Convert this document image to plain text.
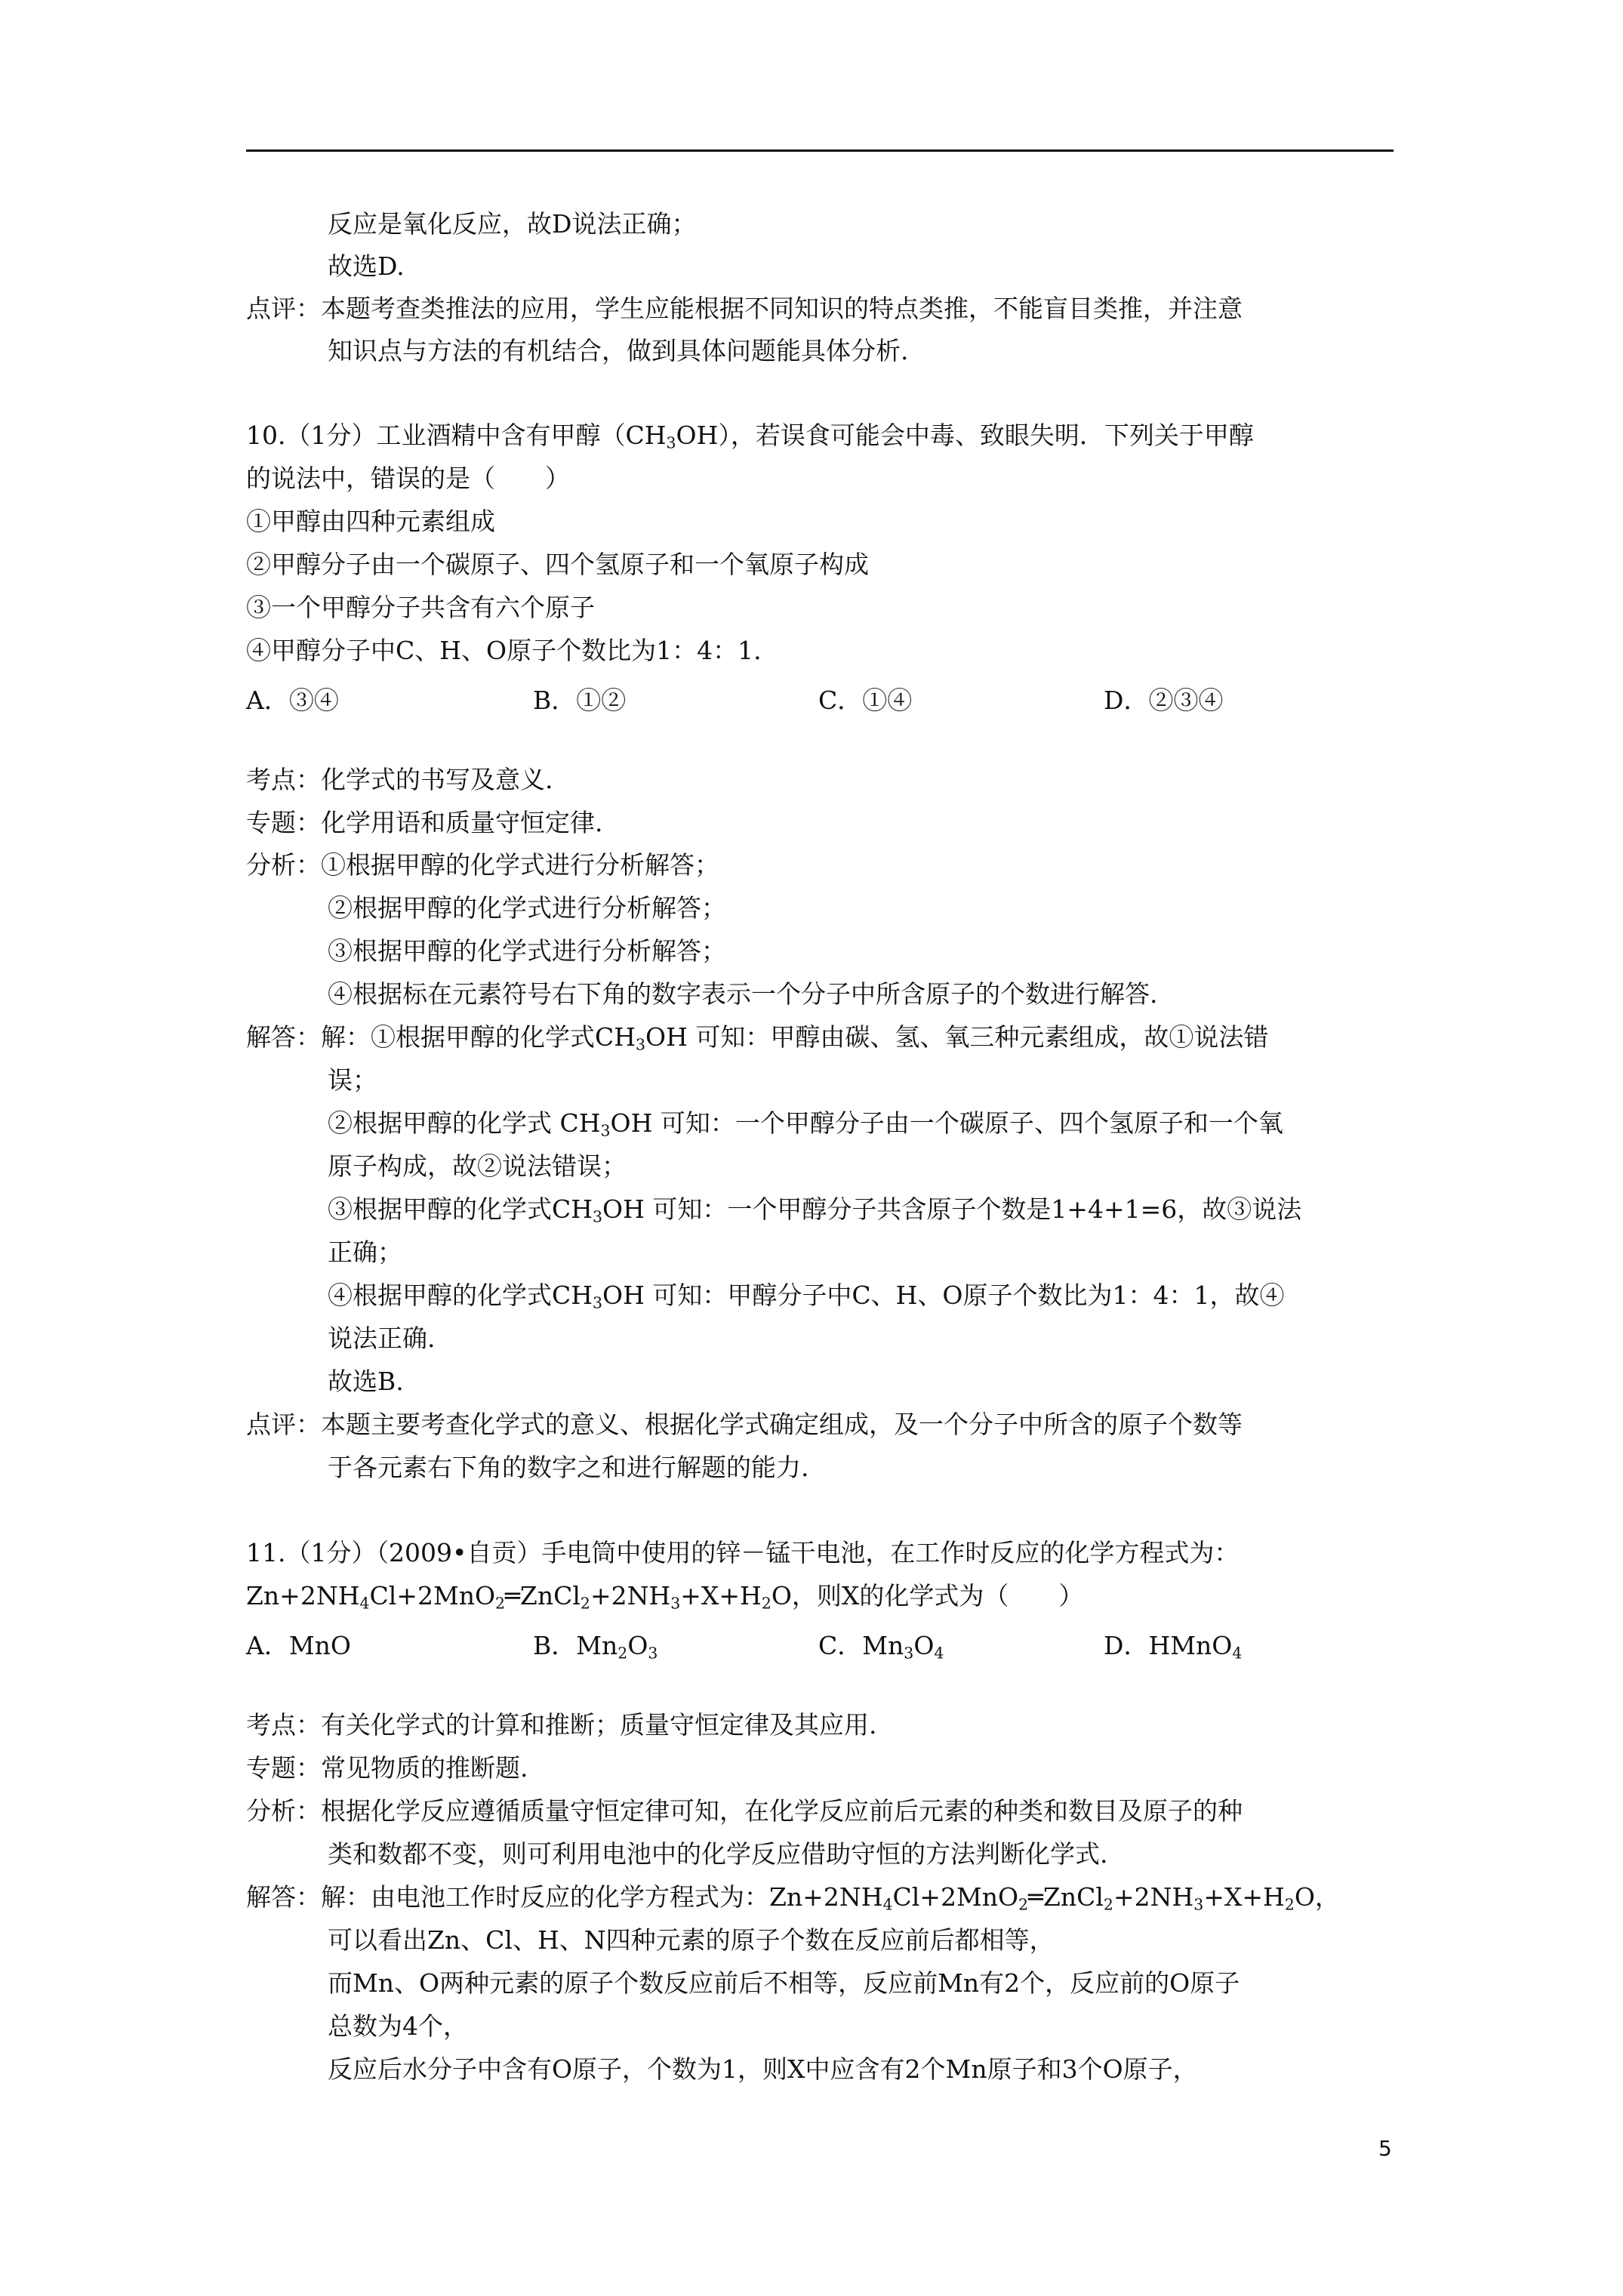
反应是氧化反应，故D说法正确；
故选D.
点评：本题考查类推法的应用，学生应能根据不同知识的特点类推，不能盲目类推，并注意
知识点与方法的有机结合，做到具体问题能具体分析.
10.（1分）工业酒精中含有甲醇$(CH_3OH)$，若误食可能会中毒、致眼失明．下列关于甲醇
的说法中，错误的是（　　）
①甲醇由四种元素组成
②甲醇分子由一个碳原子、四个氢原子和一个氧原子构成
③一个甲醇分子共含有六个原子
④甲醇分子中C、H、O原子个数比为1：4：1.
A．③④	B．①②	C．①④	D．②③④
考点：化学式的书写及意义.
专题：化学用语和质量守恒定律.
分析：①根据甲醇的化学式进行分析解答；
②根据甲醇的化学式进行分析解答；
③根据甲醇的化学式进行分析解答；
④根据标在元素符号右下角的数字表示一个分子中所含原子的个数进行解答.
解答：解：①根据甲醇的化学式$CH_3OH$ 可知：甲醇由碳、氢、氧三种元素组成，故①说法错
误；
②根据甲醇的化学式 $CH_3OH$ 可知：一个甲醇分子由一个碳原子、四个氢原子和一个氧
原子构成，故②说法错误；
③根据甲醇的化学式$CH_3OH$ 可知：一个甲醇分子共含原子个数是1+4+1=6，故③说法
正确；
④根据甲醇的化学式$CH_3OH$ 可知：甲醇分子中C、H、O原子个数比为1：4：1，故④
说法正确.
故选B.
点评：本题主要考查化学式的意义、根据化学式确定组成，及一个分子中所含的原子个数等
于各元素右下角的数字之和进行解题的能力.
11.（1分）（2009•自贡）手电筒中使用的锌－锰干电池，在工作时反应的化学方程式为：
$Zn+2NH_4Cl+2MnO_2═ZnCl_2+2NH_3+X+H_2O$，则X的化学式为（　　）
A．MnO	B．$Mn_2O_3$	C．$Mn_3O_4$	D．HMnO$_4$
考点：有关化学式的计算和推断；质量守恒定律及其应用.
专题：常见物质的推断题.
分析：根据化学反应遵循质量守恒定律可知，在化学反应前后元素的种类和数目及原子的种
类和数都不变，则可利用电池中的化学反应借助守恒的方法判断化学式.
解答：解：由电池工作时反应的化学方程式为：$Zn+2NH_4Cl+2MnO_2═ZnCl_2+2NH_3+X+H_2O$，
可以看出Zn、Cl、H、N四种元素的原子个数在反应前后都相等，
而Mn、O两种元素的原子个数反应前后不相等，反应前Mn有2个，反应前的O原子
总数为4个，
反应后水分子中含有O原子，个数为1，则X中应含有2个Mn原子和3个O原子，
5
